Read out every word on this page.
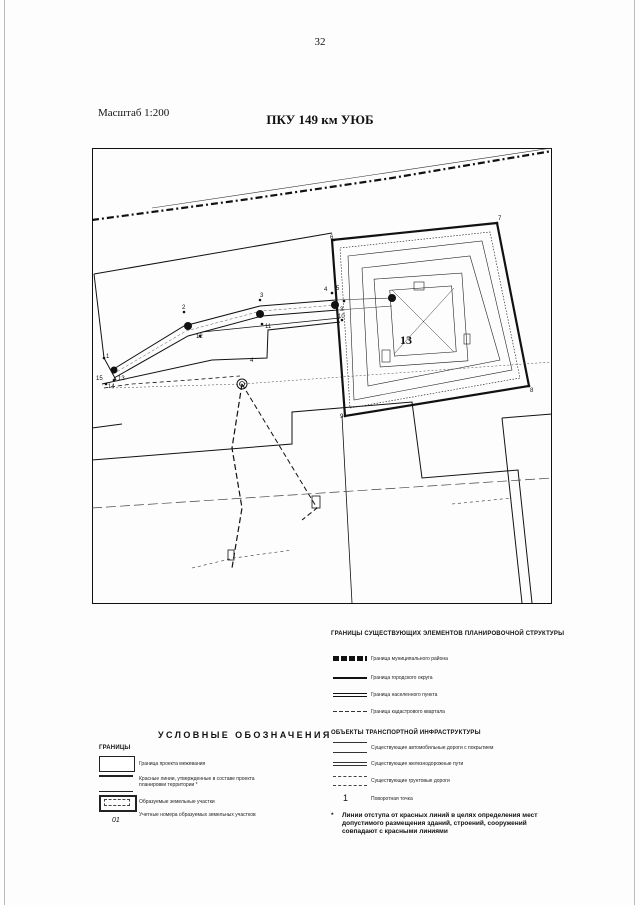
32
Масштаб 1:200	ПКУ 149 км УЮБ
1
2
3
4 5
6
7
8
9
10
11
12
13
14
15
4
3
13
ГРАНИЦЫ СУЩЕСТВУЮЩИХ ЭЛЕМЕНТОВ ПЛАНИРОВОЧНОЙ СТРУКТУРЫ
Граница муниципального района
Граница городского округа
Граница населенного пункта
Граница кадастрового квартала
УСЛОВНЫЕ ОБОЗНАЧЕНИЯ ОБЪЕКТЫ ТРАНСПОРТНОЙ ИНФРАСТРУКТУРЫ
Существующие автомобильные дороги с покрытием
Существующие железнодорожные пути
Существующие грунтовые дороги
1	Поворотная точка
ГРАНИЦЫ
Граница проекта межевания
Красные линии, утвержденные в составе проекта планировки территории *
Образуемые земельные участки
01
Учетные номера образуемых земельных участков	* Линии отступа от красных линий в целях определения мест допустимого размещения зданий, строений, сооружений совпадают с красными линиями
